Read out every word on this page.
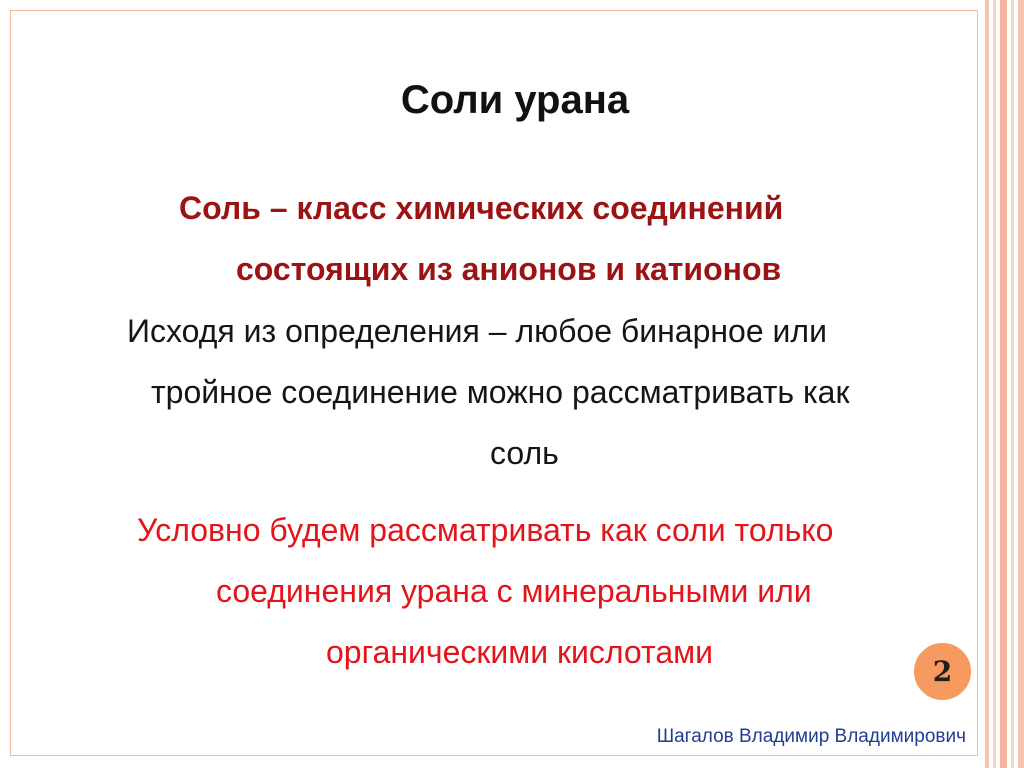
Соли урана
Соль – класс химических соединений
состоящих из анионов и катионов
Исходя из определения – любое бинарное или
тройное соединение можно рассматривать как
соль
Условно будем рассматривать как соли только
соединения урана с минеральными или
органическими кислотами
2
Шагалов Владимир Владимирович
